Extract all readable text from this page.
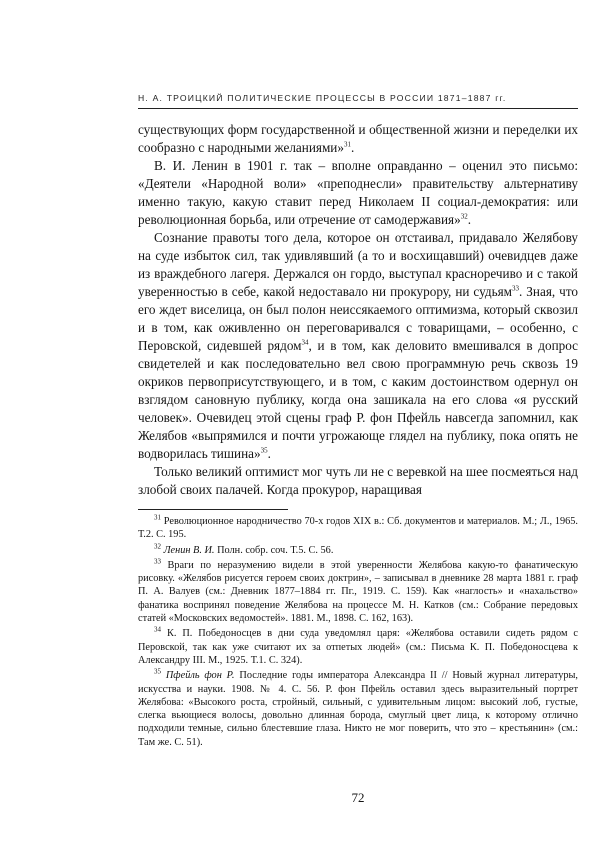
Н. А. ТРОИЦКИЙ ПОЛИТИЧЕСКИЕ ПРОЦЕССЫ В РОССИИ 1871–1887 гг.

существующих форм государственной и общественной жизни и переделки их сообразно с народными желаниями»$^{31}$.

В. И. Ленин в 1901 г. так – вполне оправданно – оценил это письмо: «Деятели «Народной воли» «преподнесли» правительству альтернативу именно такую, какую ставит перед Николаем II социал-демократия: или революционная борьба, или отречение от самодержавия»$^{32}$.

Сознание правоты того дела, которое он отстаивал, придавало Желябову на суде избыток сил, так удивлявший (а то и восхищавший) очевидцев даже из враждебного лагеря. Держался он гордо, выступал красноречиво и с такой уверенностью в себе, какой недоставало ни прокурору, ни судьям$^{33}$. Зная, что его ждет виселица, он был полон неиссякаемого оптимизма, который сквозил и в том, как оживленно он переговаривался с товарищами, – особенно, с Перовской, сидевшей рядом$^{34}$, и в том, как деловито вмешивался в допрос свидетелей и как последовательно вел свою программную речь сквозь 19 окриков первоприсутствующего, и в том, с каким достоинством одернул он взглядом сановную публику, когда она зашикала на его слова «я русский человек». Очевидец этой сцены граф Р. фон Пфейль навсегда запомнил, как Желябов «выпрямился и почти угрожающе глядел на публику, пока опять не водворилась тишина»$^{35}$.

Только великий оптимист мог чуть ли не с веревкой на шее посмеяться над злобой своих палачей. Когда прокурор, наращивая

$^{31}$ Революционное народничество 70-х годов XIX в.: Сб. документов и материалов. М.; Л., 1965. Т.2. С. 195.

$^{32}$ Ленин В. И. Полн. собр. соч. Т.5. С. 56.

$^{33}$ Враги по неразумению видели в этой уверенности Желябова какую-то фанатическую рисовку. «Желябов рисуется героем своих доктрин», – записывал в дневнике 28 марта 1881 г. граф П. А. Валуев (см.: Дневник 1877–1884 гг. Пг., 1919. С. 159). Как «наглость» и «нахальство» фанатика воспринял поведение Желябова на процессе М. Н. Катков (см.: Собрание передовых статей «Московских ведомостей». 1881. М., 1898. С. 162, 163).

$^{34}$ К. П. Победоносцев в дни суда уведомлял царя: «Желябова оставили сидеть рядом с Перовской, так как уже считают их за отпетых людей» (см.: Письма К. П. Победоносцева к Александру III. М., 1925. Т.1. С. 324).

$^{35}$ Пфейль фон Р. Последние годы императора Александра II // Новый журнал литературы, искусства и науки. 1908. № 4. С. 56. Р. фон Пфейль оставил здесь выразительный портрет Желябова: «Высокого роста, стройный, сильный, с удивительным лицом: высокий лоб, густые, слегка вьющиеся волосы, довольно длинная борода, смуглый цвет лица, к которому отлично подходили темные, сильно блестевшие глаза. Никто не мог поверить, что это – крестьянин» (см.: Там же. С. 51).

72
